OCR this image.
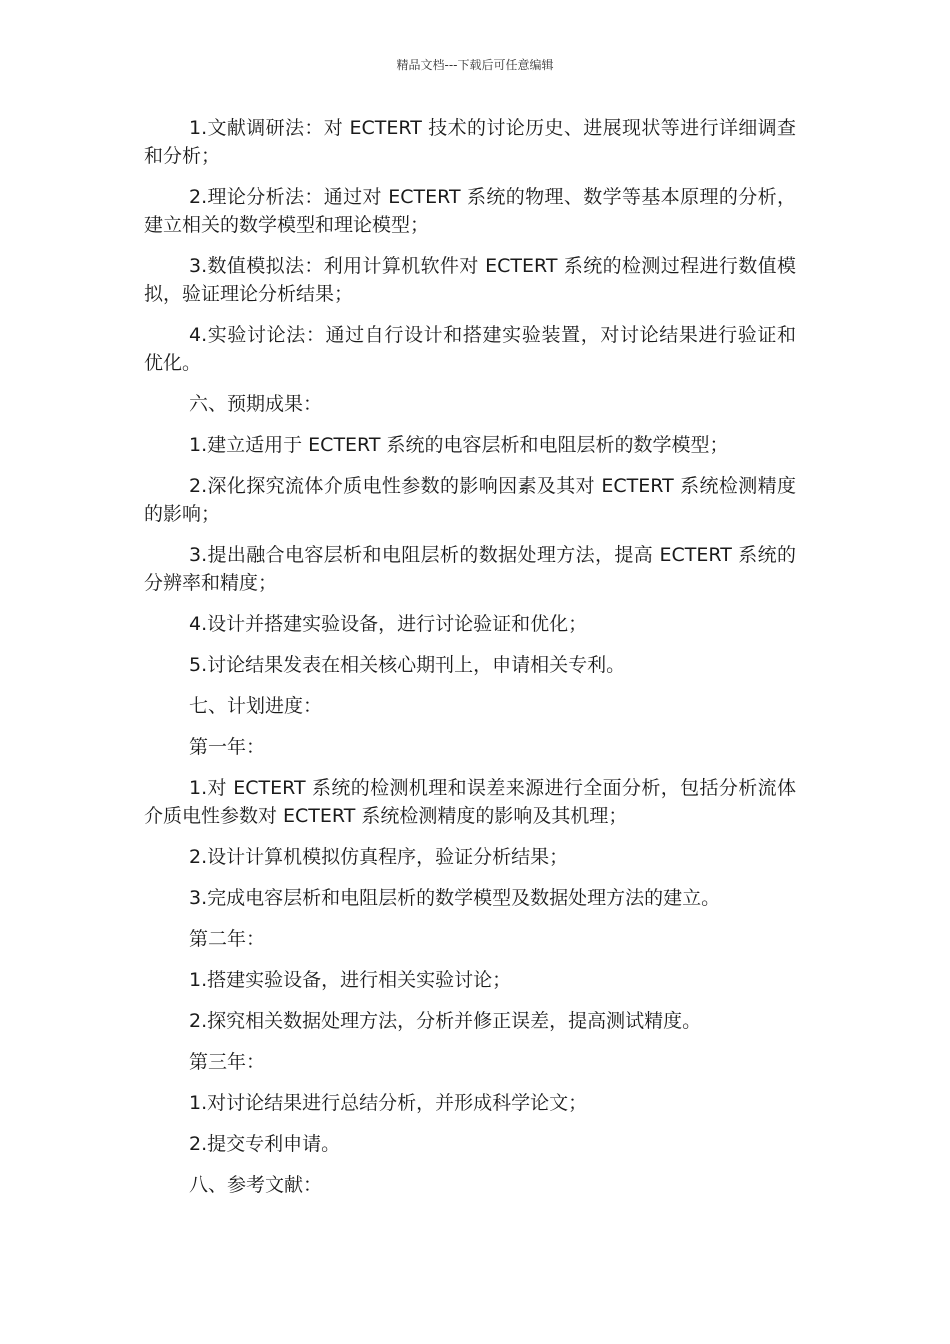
精品文档---下载后可任意编辑

1.文献调研法：对 ECTERT 技术的讨论历史、进展现状等进行详细调查和分析；

2.理论分析法：通过对 ECTERT 系统的物理、数学等基本原理的分析，建立相关的数学模型和理论模型；

3.数值模拟法：利用计算机软件对 ECTERT 系统的检测过程进行数值模拟，验证理论分析结果；

4.实验讨论法：通过自行设计和搭建实验装置，对讨论结果进行验证和优化。

六、预期成果：

1.建立适用于 ECTERT 系统的电容层析和电阻层析的数学模型；

2.深化探究流体介质电性参数的影响因素及其对 ECTERT 系统检测精度的影响；

3.提出融合电容层析和电阻层析的数据处理方法，提高 ECTERT 系统的分辨率和精度；

4.设计并搭建实验设备，进行讨论验证和优化；

5.讨论结果发表在相关核心期刊上，申请相关专利。

七、计划进度：

第一年：

1.对 ECTERT 系统的检测机理和误差来源进行全面分析，包括分析流体介质电性参数对 ECTERT 系统检测精度的影响及其机理；

2.设计计算机模拟仿真程序，验证分析结果；

3.完成电容层析和电阻层析的数学模型及数据处理方法的建立。

第二年：

1.搭建实验设备，进行相关实验讨论；

2.探究相关数据处理方法，分析并修正误差，提高测试精度。

第三年：

1.对讨论结果进行总结分析，并形成科学论文；

2.提交专利申请。

八、参考文献：
